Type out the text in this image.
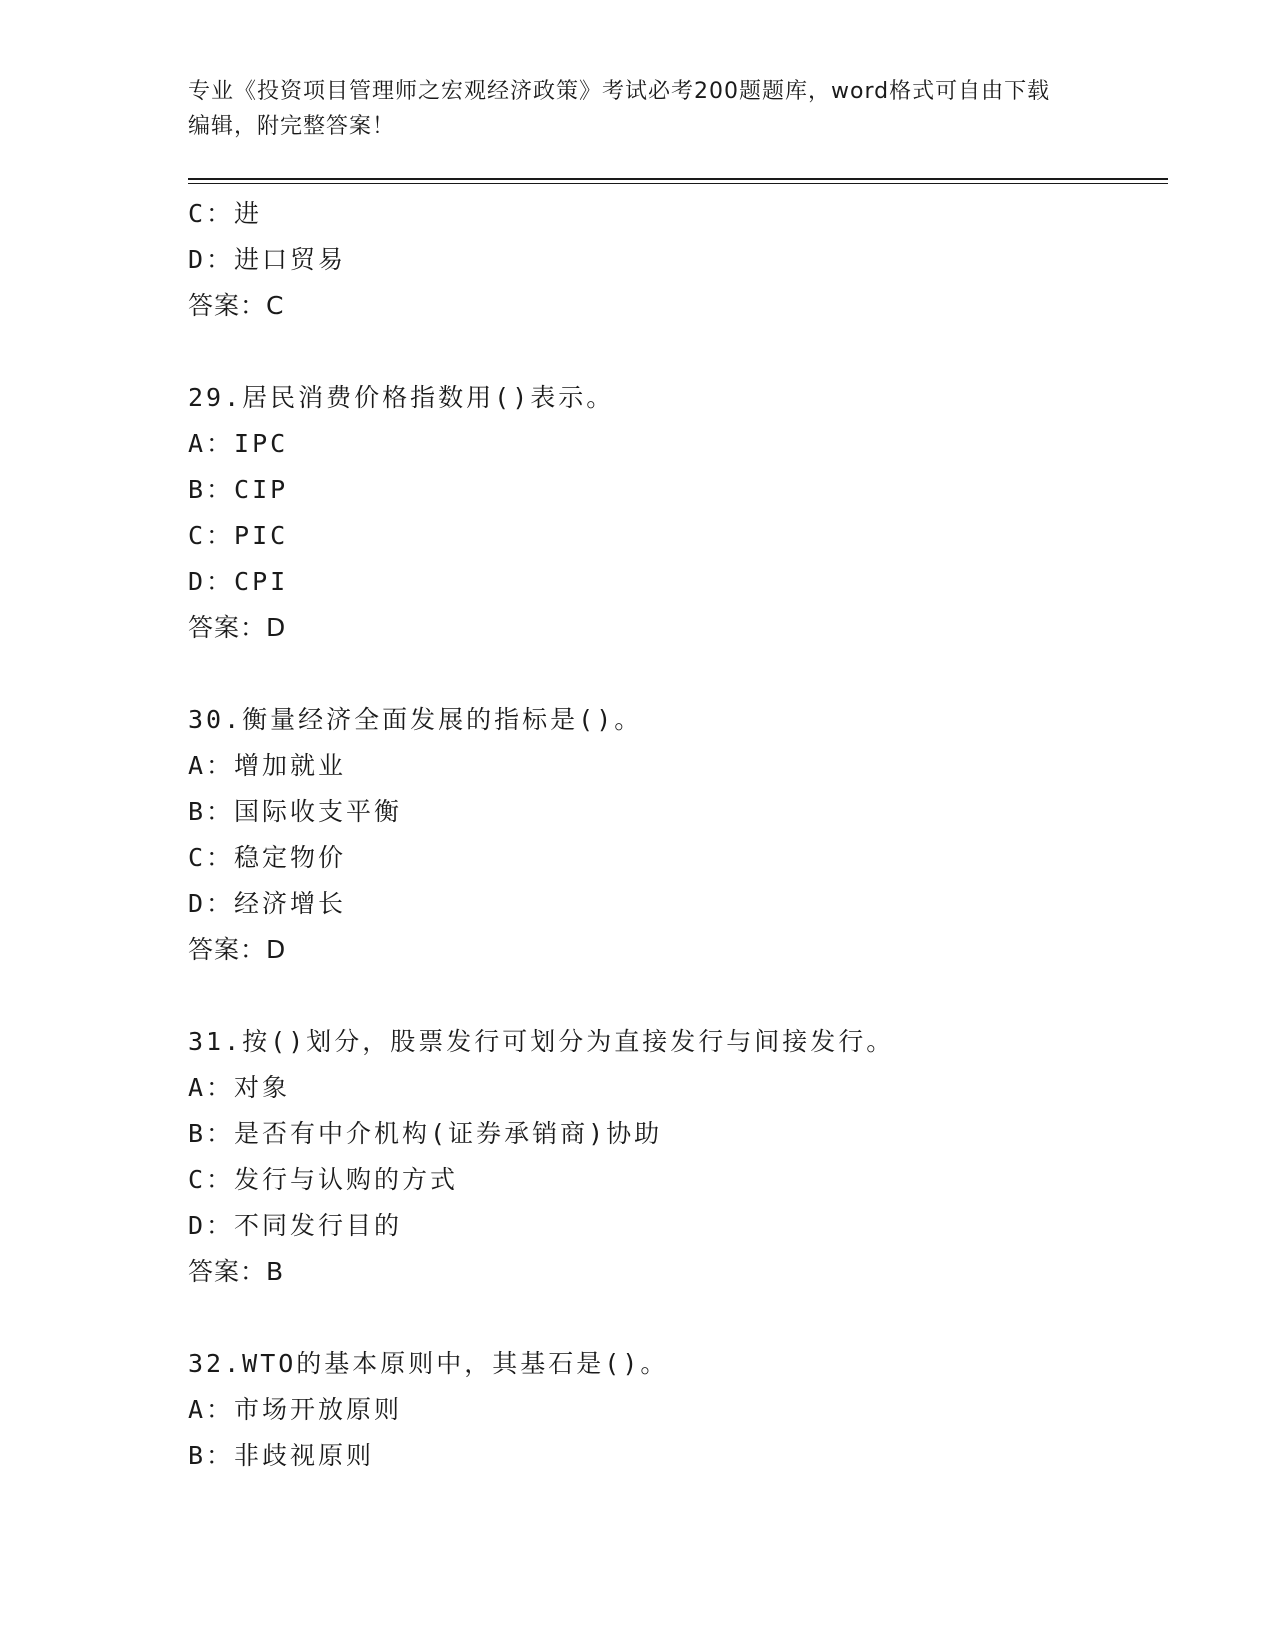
专业《投资项目管理师之宏观经济政策》考试必考200题题库，word格式可自由下载编辑，附完整答案！
C：进
D：进口贸易
答案：C
29.居民消费价格指数用()表示。
A：IPC
B：CIP
C：PIC
D：CPI
答案：D
30.衡量经济全面发展的指标是()。
A：增加就业
B：国际收支平衡
C：稳定物价
D：经济增长
答案：D
31.按()划分，股票发行可划分为直接发行与间接发行。
A：对象
B：是否有中介机构(证券承销商)协助
C：发行与认购的方式
D：不同发行目的
答案：B
32.WTO的基本原则中，其基石是()。
A：市场开放原则
B：非歧视原则
